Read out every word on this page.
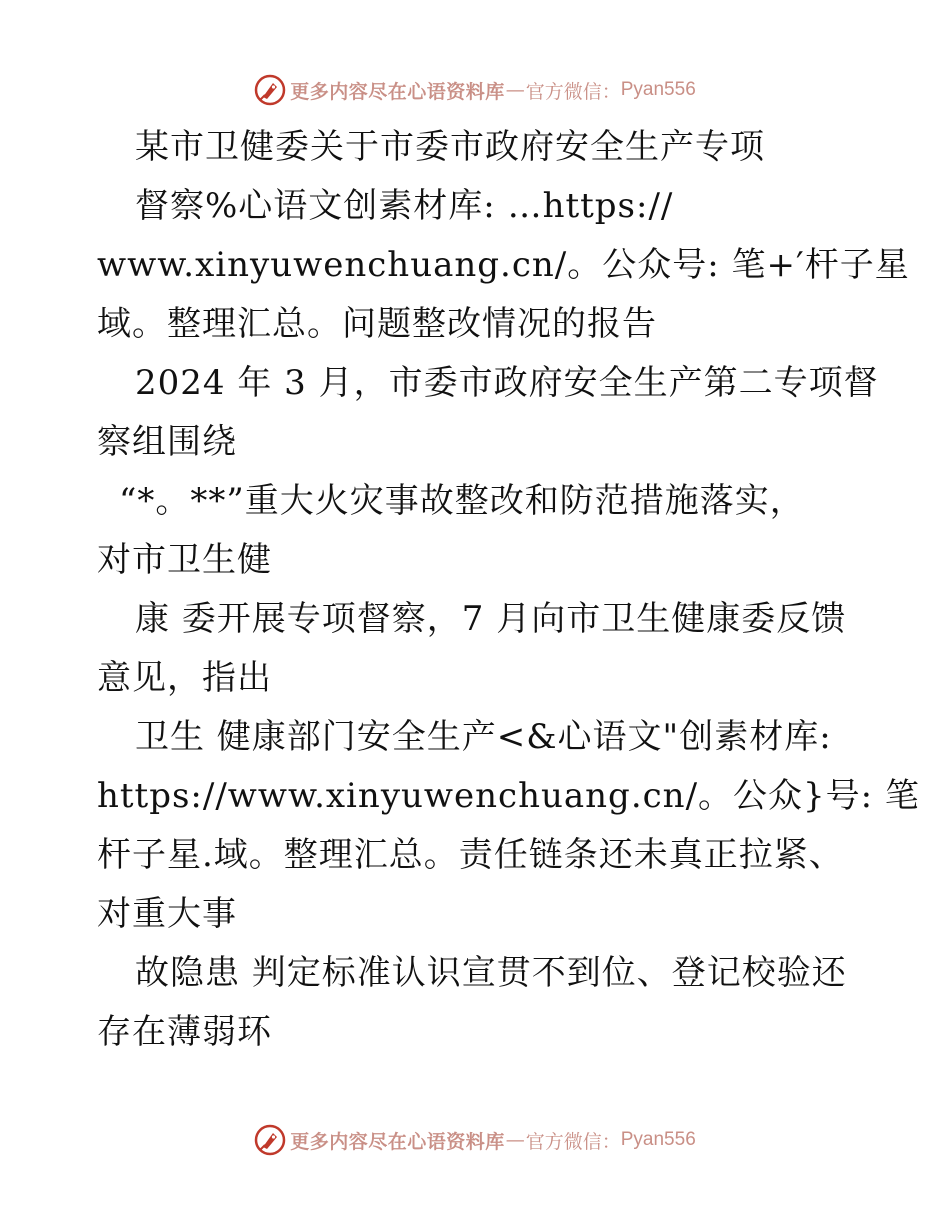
更多内容尽在心语资料库 — 官方微信： Pyan556
某市卫健委关于市委市政府安全生产专项
督察%心语文创素材库: …https://
www.xinyuwenchuang.cn/。公众号: 笔+′杆子星
域。整理汇总。问题整改情况的报告
2024 年 3 月，市委市政府安全生产第二专项督
察组围绕
“*。**”重大火灾事故整改和防范措施落实，
对市卫生健
康 委开展专项督察，7 月向市卫生健康委反馈
意见，指出
卫生 健康部门安全生产<&心语文"创素材库:
https://www.xinyuwenchuang.cn/。公众}号: 笔
杆子星.域。整理汇总。责任链条还未真正拉紧、
对重大事
故隐患 判定标准认识宣贯不到位、登记校验还
存在薄弱环
更多内容尽在心语资料库 — 官方微信： Pyan556
